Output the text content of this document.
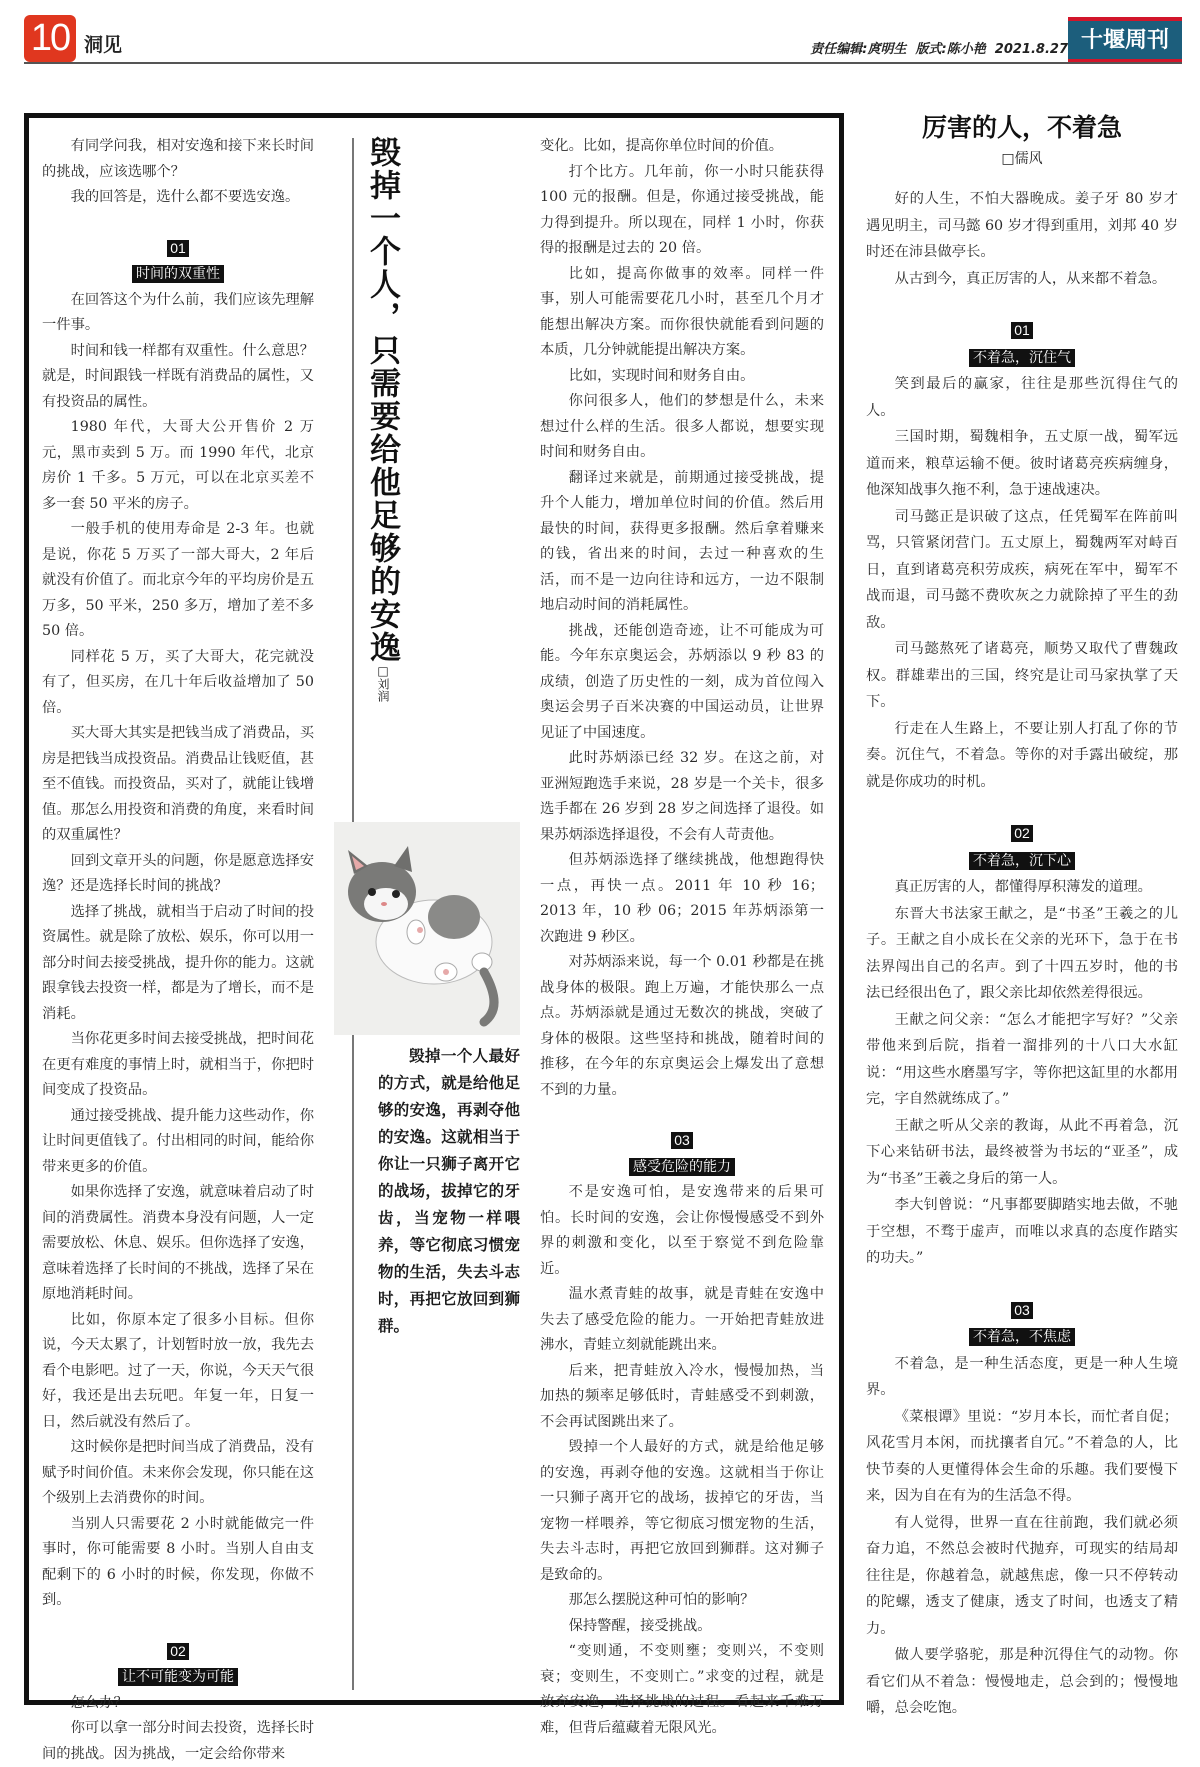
10 洞见	责任编辑:庹明生  版式:陈小艳  2021.8.27 十堰周刊

有同学问我，相对安逸和接下来长时间的挑战，应该选哪个？

我的回答是，选什么都不要选安逸。

01
时间的双重性

在回答这个为什么前，我们应该先理解一件事。

时间和钱一样都有双重性。什么意思？就是，时间跟钱一样既有消费品的属性，又有投资品的属性。

1980 年代，大哥大公开售价 2 万元，黑市卖到 5 万。而 1990 年代，北京房价 1 千多。5 万元，可以在北京买差不多一套 50 平米的房子。

一般手机的使用寿命是 2-3 年。也就是说，你花 5 万买了一部大哥大，2 年后就没有价值了。而北京今年的平均房价是五万多，50 平米，250 多万，增加了差不多 50 倍。

同样花 5 万，买了大哥大，花完就没有了，但买房，在几十年后收益增加了 50 倍。

买大哥大其实是把钱当成了消费品，买房是把钱当成投资品。消费品让钱贬值，甚至不值钱。而投资品，买对了，就能让钱增值。那怎么用投资和消费的角度，来看时间的双重属性？

回到文章开头的问题，你是愿意选择安逸？还是选择长时间的挑战？

选择了挑战，就相当于启动了时间的投资属性。就是除了放松、娱乐，你可以用一部分时间去接受挑战，提升你的能力。这就跟拿钱去投资一样，都是为了增长，而不是消耗。

当你花更多时间去接受挑战，把时间花在更有难度的事情上时，就相当于，你把时间变成了投资品。

通过接受挑战、提升能力这些动作，你让时间更值钱了。付出相同的时间，能给你带来更多的价值。

如果你选择了安逸，就意味着启动了时间的消费属性。消费本身没有问题，人一定需要放松、休息、娱乐。但你选择了安逸，意味着选择了长时间的不挑战，选择了呆在原地消耗时间。

比如，你原本定了很多小目标。但你说，今天太累了，计划暂时放一放，我先去看个电影吧。过了一天，你说，今天天气很好，我还是出去玩吧。年复一年，日复一日，然后就没有然后了。

这时候你是把时间当成了消费品，没有赋予时间价值。未来你会发现，你只能在这个级别上去消费你的时间。

当别人只需要花 2 小时就能做完一件事时，你可能需要 8 小时。当别人自由支配剩下的 6 小时的时候，你发现，你做不到。

02
让不可能变为可能

怎么办？

你可以拿一部分时间去投资，选择长时间的挑战。因为挑战，一定会给你带来

毁掉一个人，只需要给他足够的安逸
□刘润
毁掉一个人最好的方式，就是给他足够的安逸，再剥夺他的安逸。这就相当于你让一只狮子离开它的战场，拔掉它的牙齿，当宠物一样喂养，等它彻底习惯宠物的生活，失去斗志时，再把它放回到狮群。

变化。比如，提高你单位时间的价值。

打个比方。几年前，你一小时只能获得 100 元的报酬。但是，你通过接受挑战，能力得到提升。所以现在，同样 1 小时，你获得的报酬是过去的 20 倍。

比如，提高你做事的效率。同样一件事，别人可能需要花几小时，甚至几个月才能想出解决方案。而你很快就能看到问题的本质，几分钟就能提出解决方案。

比如，实现时间和财务自由。

你问很多人，他们的梦想是什么，未来想过什么样的生活。很多人都说，想要实现时间和财务自由。

翻译过来就是，前期通过接受挑战，提升个人能力，增加单位时间的价值。然后用最快的时间，获得更多报酬。然后拿着赚来的钱，省出来的时间，去过一种喜欢的生活，而不是一边向往诗和远方，一边不限制地启动时间的消耗属性。

挑战，还能创造奇迹，让不可能成为可能。今年东京奥运会，苏炳添以 9 秒 83 的成绩，创造了历史性的一刻，成为首位闯入奥运会男子百米决赛的中国运动员，让世界见证了中国速度。

此时苏炳添已经 32 岁。在这之前，对亚洲短跑选手来说，28 岁是一个关卡，很多选手都在 26 岁到 28 岁之间选择了退役。如果苏炳添选择退役，不会有人苛责他。

但苏炳添选择了继续挑战，他想跑得快一点，再快一点。2011 年 10 秒 16；2013 年，10 秒 06；2015 年苏炳添第一次跑进 9 秒区。

对苏炳添来说，每一个 0.01 秒都是在挑战身体的极限。跑上万遍，才能快那么一点点。苏炳添就是通过无数次的挑战，突破了身体的极限。这些坚持和挑战，随着时间的推移，在今年的东京奥运会上爆发出了意想不到的力量。

03
感受危险的能力

不是安逸可怕，是安逸带来的后果可怕。长时间的安逸，会让你慢慢感受不到外界的刺激和变化，以至于察觉不到危险靠近。

温水煮青蛙的故事，就是青蛙在安逸中失去了感受危险的能力。一开始把青蛙放进沸水，青蛙立刻就能跳出来。

后来，把青蛙放入冷水，慢慢加热，当加热的频率足够低时，青蛙感受不到刺激，不会再试图跳出来了。

毁掉一个人最好的方式，就是给他足够的安逸，再剥夺他的安逸。这就相当于你让一只狮子离开它的战场，拔掉它的牙齿，当宠物一样喂养，等它彻底习惯宠物的生活，失去斗志时，再把它放回到狮群。这对狮子是致命的。

那怎么摆脱这种可怕的影响？

保持警醒，接受挑战。

“变则通，不变则壅；变则兴，不变则衰；变则生，不变则亡。”求变的过程，就是放弃安逸，选择挑战的过程。看起来千难万难，但背后蕴藏着无限风光。

厉害的人，不着急
□儒风

好的人生，不怕大器晚成。姜子牙 80 岁才遇见明主，司马懿 60 岁才得到重用，刘邦 40 岁时还在沛县做亭长。

从古到今，真正厉害的人，从来都不着急。

01
不着急，沉住气

笑到最后的赢家，往往是那些沉得住气的人。

三国时期，蜀魏相争，五丈原一战，蜀军远道而来，粮草运输不便。彼时诸葛亮疾病缠身，他深知战事久拖不利，急于速战速决。

司马懿正是识破了这点，任凭蜀军在阵前叫骂，只管紧闭营门。五丈原上，蜀魏两军对峙百日，直到诸葛亮积劳成疾，病死在军中，蜀军不战而退，司马懿不费吹灰之力就除掉了平生的劲敌。

司马懿熬死了诸葛亮，顺势又取代了曹魏政权。群雄辈出的三国，终究是让司马家执掌了天下。

行走在人生路上，不要让别人打乱了你的节奏。沉住气，不着急。等你的对手露出破绽，那就是你成功的时机。

02
不着急，沉下心

真正厉害的人，都懂得厚积薄发的道理。

东晋大书法家王献之，是“书圣”王羲之的儿子。王献之自小成长在父亲的光环下，急于在书法界闯出自己的名声。到了十四五岁时，他的书法已经很出色了，跟父亲比却依然差得很远。

王献之问父亲：“怎么才能把字写好？”父亲带他来到后院，指着一溜排列的十八口大水缸说：“用这些水磨墨写字，等你把这缸里的水都用完，字自然就练成了。”

王献之听从父亲的教诲，从此不再着急，沉下心来钻研书法，最终被誉为书坛的“亚圣”，成为“书圣”王羲之身后的第一人。

李大钊曾说：“凡事都要脚踏实地去做，不驰于空想，不骛于虚声，而唯以求真的态度作踏实的功夫。”

03
不着急，不焦虑

不着急，是一种生活态度，更是一种人生境界。

《菜根谭》里说：“岁月本长，而忙者自促；风花雪月本闲，而扰攘者自冗。”不着急的人，比快节奏的人更懂得体会生命的乐趣。我们要慢下来，因为自在有为的生活急不得。

有人觉得，世界一直在往前跑，我们就必须奋力追，不然总会被时代抛弃，可现实的结局却往往是，你越着急，就越焦虑，像一只不停转动的陀螺，透支了健康，透支了时间，也透支了精力。

做人要学骆驼，那是种沉得住气的动物。你看它们从不着急：慢慢地走，总会到的；慢慢地嚼，总会吃饱。
